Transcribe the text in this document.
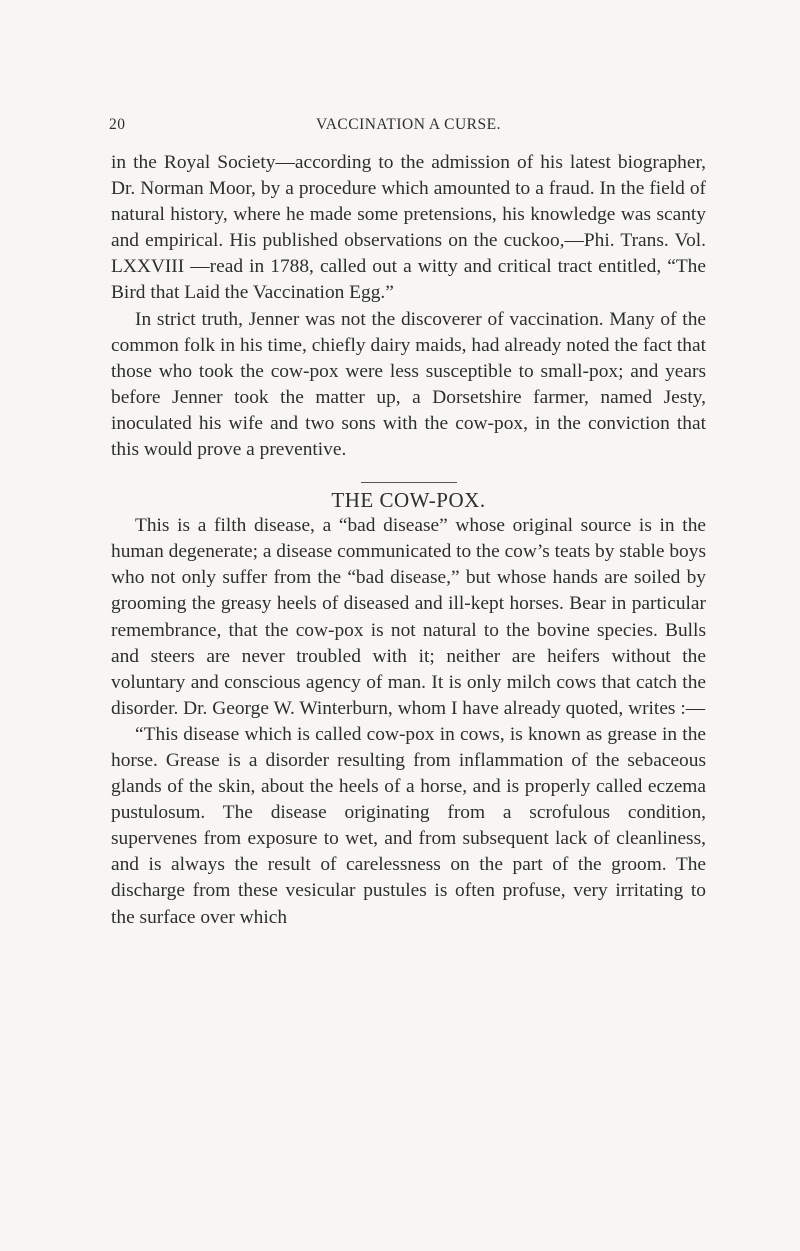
20	VACCINATION A CURSE.

in the Royal Society—according to the admission of his latest biographer, Dr. Norman Moor, by a procedure which amounted to a fraud. In the field of natural history, where he made some pretensions, his knowledge was scanty and empirical. His published observations on the cuckoo,—Phi. Trans. Vol. LXXVIII —read in 1788, called out a witty and critical tract entitled, “The Bird that Laid the Vaccination Egg.”

In strict truth, Jenner was not the discoverer of vaccination. Many of the common folk in his time, chiefly dairy maids, had already noted the fact that those who took the cow-pox were less susceptible to small-pox; and years before Jenner took the matter up, a Dorsetshire farmer, named Jesty, inoculated his wife and two sons with the cow-pox, in the conviction that this would prove a preventive.

THE COW-POX.

This is a filth disease, a “bad disease” whose original source is in the human degenerate; a disease communicated to the cow’s teats by stable boys who not only suffer from the “bad disease,” but whose hands are soiled by grooming the greasy heels of diseased and ill-kept horses. Bear in particular remembrance, that the cow-pox is not natural to the bovine species. Bulls and steers are never troubled with it; neither are heifers without the voluntary and conscious agency of man. It is only milch cows that catch the disorder. Dr. George W. Winterburn, whom I have already quoted, writes :—

“This disease which is called cow-pox in cows, is known as grease in the horse. Grease is a disorder resulting from inflammation of the sebaceous glands of the skin, about the heels of a horse, and is properly called eczema pustulosum. The disease originating from a scrofulous condition, supervenes from exposure to wet, and from subsequent lack of cleanliness, and is always the result of carelessness on the part of the groom. The discharge from these vesicular pustules is often profuse, very irritating to the surface over which
